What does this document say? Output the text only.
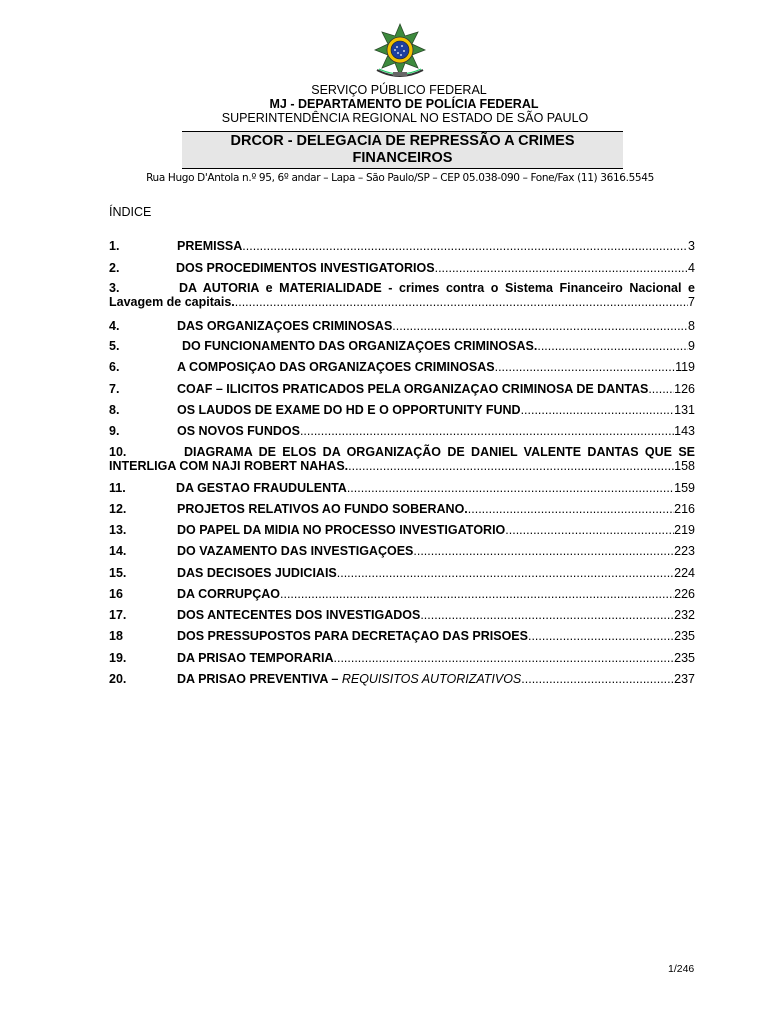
SERVIÇO PÚBLICO FEDERAL
MJ - DEPARTAMENTO DE POLÍCIA FEDERAL
SUPERINTENDÊNCIA REGIONAL NO ESTADO DE SÃO PAULO
DRCOR - DELEGACIA DE REPRESSÃO A CRIMES
FINANCEIROS
Rua Hugo D'Antola n.º 95, 6º andar – Lapa – São Paulo/SP – CEP 05.038-090 – Fone/Fax (11) 3616.5545
ÍNDICE
1.	PREMISSA .....	3
2.	DOS PROCEDIMENTOS INVESTIGATÓRIOS .....	4
3.	DA AUTORIA e MATERIALIDADE - crimes contra o Sistema Financeiro Nacional e
Lavagem de capitais. .....	7
4.	DAS ORGANIZAÇÕES CRIMINOSAS .....	8
5.	DO FUNCIONAMENTO DAS ORGANIZAÇÕES CRIMINOSAS. .....	9
6.	A COMPOSIÇÃO DAS ORGANIZAÇÕES CRIMINOSAS .....	119
7.	COAF – ILÍCITOS PRATICADOS PELA ORGANIZAÇÃO CRIMINOSA DE DANTAS ..... 126
8.	OS LAUDOS DE EXAME DO HD E O OPPORTUNITY FUND .....	131
9.	OS NOVOS FUNDOS .....	143
10.	DIAGRAMA DE ELOS DA ORGANIZAÇÃO DE DANIEL VALENTE DANTAS QUE SE
INTERLIGA COM NAJI ROBERT NAHAS. .....	158
11.	DA GESTÃO FRAUDULENTA .....	159
12.	PROJETOS RELATIVOS AO FUNDO SOBERANO. .....	216
13.	DO PAPEL DA MÍDIA NO PROCESSO INVESTIGATÓRIO .....	219
14.	DO VAZAMENTO DAS INVESTIGAÇÕES .....	223
15.	DAS DECISÕES JUDICIAIS .....	224
16	DA CORRUPÇÃO .....	226
17.	DOS ANTECENTES DOS INVESTIGADOS .....	232
18	DOS PRESSUPOSTOS PARA DECRETAÇÃO DAS PRISOES .....	235
19.	DA PRISÃO TEMPORÁRIA .....	235
20.	DA PRISÃO PREVENTIVA – REQUISITOS AUTORIZATIVOS .....	237
1/246
